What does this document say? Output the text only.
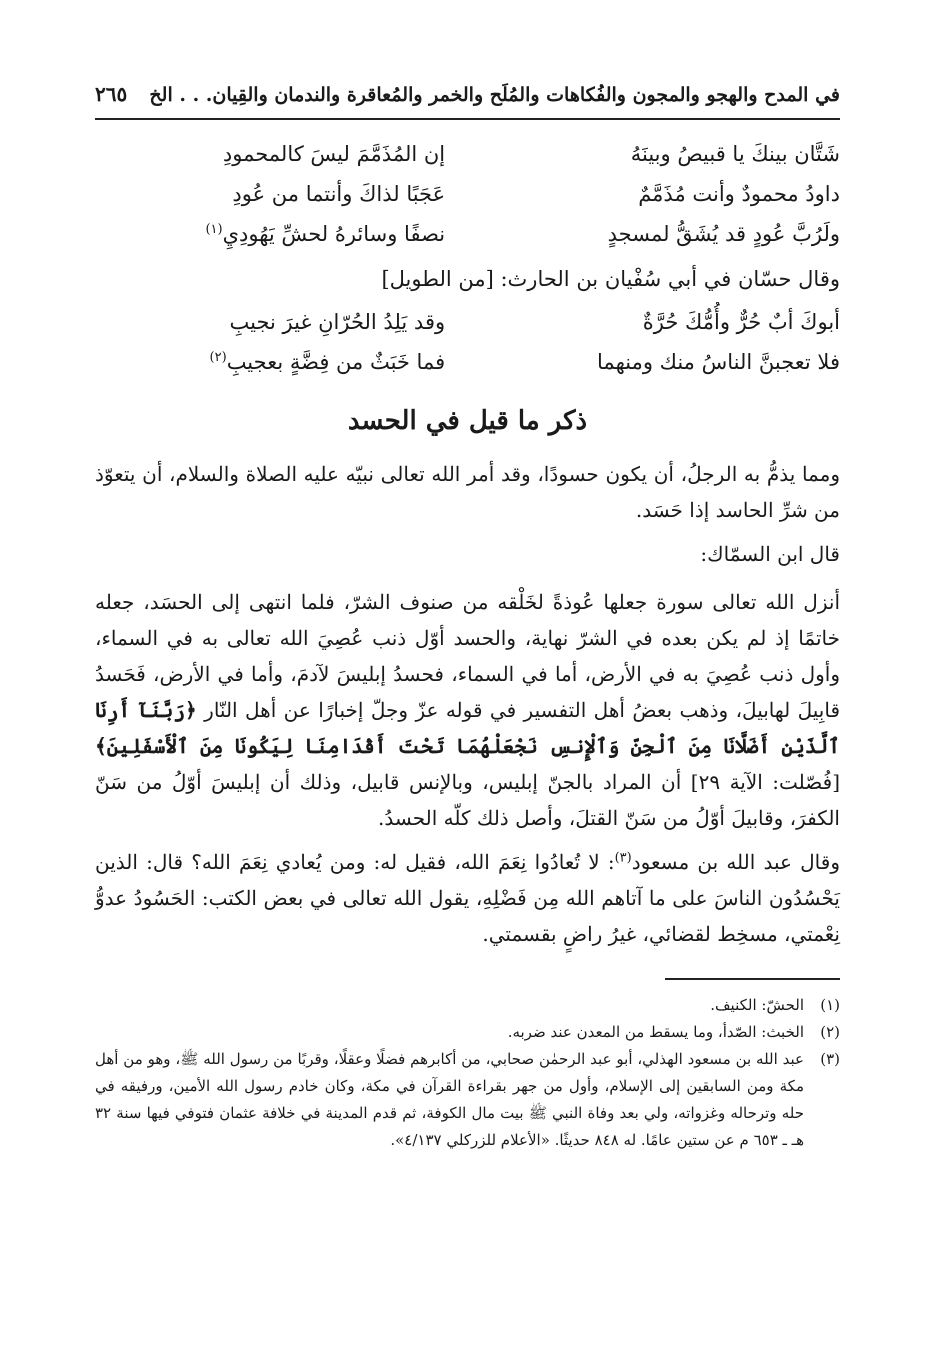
في المدح والهجو والمجون والفُكاهات والمُلَح والخمر والمُعاقرة والندمان والقِيان. . . الخ
٢٦٥
شَتَّان بينكَ يا قبيصُ وبينَهُ
إن المُذَمَّمَ ليسَ كالمحمودِ
داودُ محمودٌ وأنت مُذَمَّمٌ
عَجَبًا لذاكَ وأنتما من عُودِ
ولَرُبَّ عُودٍ قد يُشَقُّ لمسجدٍ
نصفًا وسائرهُ لحشِّ يَهُودِيِ$^{(١)}$
وقال حسّان في أبي سُفْيان بن الحارث: [من الطويل]
أبوكَ أبٌ حُرٌّ وأُمُّكَ حُرَّةٌ
وقد يَلِدُ الحُرّانِ غيرَ نجيبِ
فلا تعجبنَّ الناسُ منك ومنهما
فما خَبَثٌ من فِضَّةٍ بعجيبِ$^{(٢)}$
ذكر ما قيل في الحسد

ومما يذمُّ به الرجلُ، أن يكون حسودًا، وقد أمر الله تعالى نبيّه عليه الصلاة والسلام، أن يتعوّذ من شرِّ الحاسد إذا حَسَد.

قال ابن السمّاك:

أنزل الله تعالى سورة جعلها عُوذةً لخَلْقه من صنوف الشرّ، فلما انتهى إلى الحسَد، جعله خاتمًا إذ لم يكن بعده في الشرّ نهاية، والحسد أوّل ذنب عُصِيَ الله تعالى به في السماء، وأول ذنب عُصِيَ به في الأرض، أما في السماء، فحسدُ إبليسَ لآدمَ، وأما في الأرض، فَحَسدُ قابِيلَ لهابيلَ، وذهب بعضُ أهل التفسير في قوله عزّ وجلّ إخبارًا عن أهل النّار ﴿رَبَّنَآ أَرِنَا ٱلَّذَيْنِ أَضَلَّانَا مِنَ ٱلْجِنِّ وَٱلْإِنسِ نَجْعَلْهُمَا تَحْتَ أَقْدَامِنَا لِيَكُونَا مِنَ ٱلْأَسْفَلِينَ﴾ [فُصّلت: الآية ٢٩] أن المراد بالجنّ إبليس، وبالإنس قابيل، وذلك أن إبليسَ أوّلُ من سَنّ الكفرَ، وقابيلَ أوّلُ من سَنّ القتلَ، وأصل ذلك كلّه الحسدُ.

وقال عبد الله بن مسعود$^{(٣)}$: لا تُعادُوا نِعَمَ الله، فقيل له: ومن يُعادي نِعَمَ الله؟ قال: الذين يَحْسُدُون الناسَ على ما آتاهم الله مِن فَضْلِهِ، يقول الله تعالى في بعض الكتب: الحَسُودُ عدوُّ نِعْمتي، مسخِط لقضائي، غيرُ راضٍ بقسمتي.

(١)
الحشّ: الكنيف.
(٢)
الخبث: الصّدأ، وما يسقط من المعدن عند ضربه.
(٣)
عبد الله بن مسعود الهذلي، أبو عبد الرحمٰن صحابي، من أكابرهم فضلًا وعقلًا، وقربًا من رسول الله ﷺ، وهو من أهل مكة ومن السابقين إلى الإسلام، وأول من جهر بقراءة القرآن في مكة، وكان خادم رسول الله الأمين، ورفيقه في حله وترحاله وغزواته، ولي بعد وفاة النبي ﷺ بيت مال الكوفة، ثم قدم المدينة في خلافة عثمان فتوفي فيها سنة ٣٢ هـ ـ ٦٥٣ م عن ستين عامًا. له ٨٤٨ حديثًا. «الأعلام للزركلي ٤/١٣٧».
